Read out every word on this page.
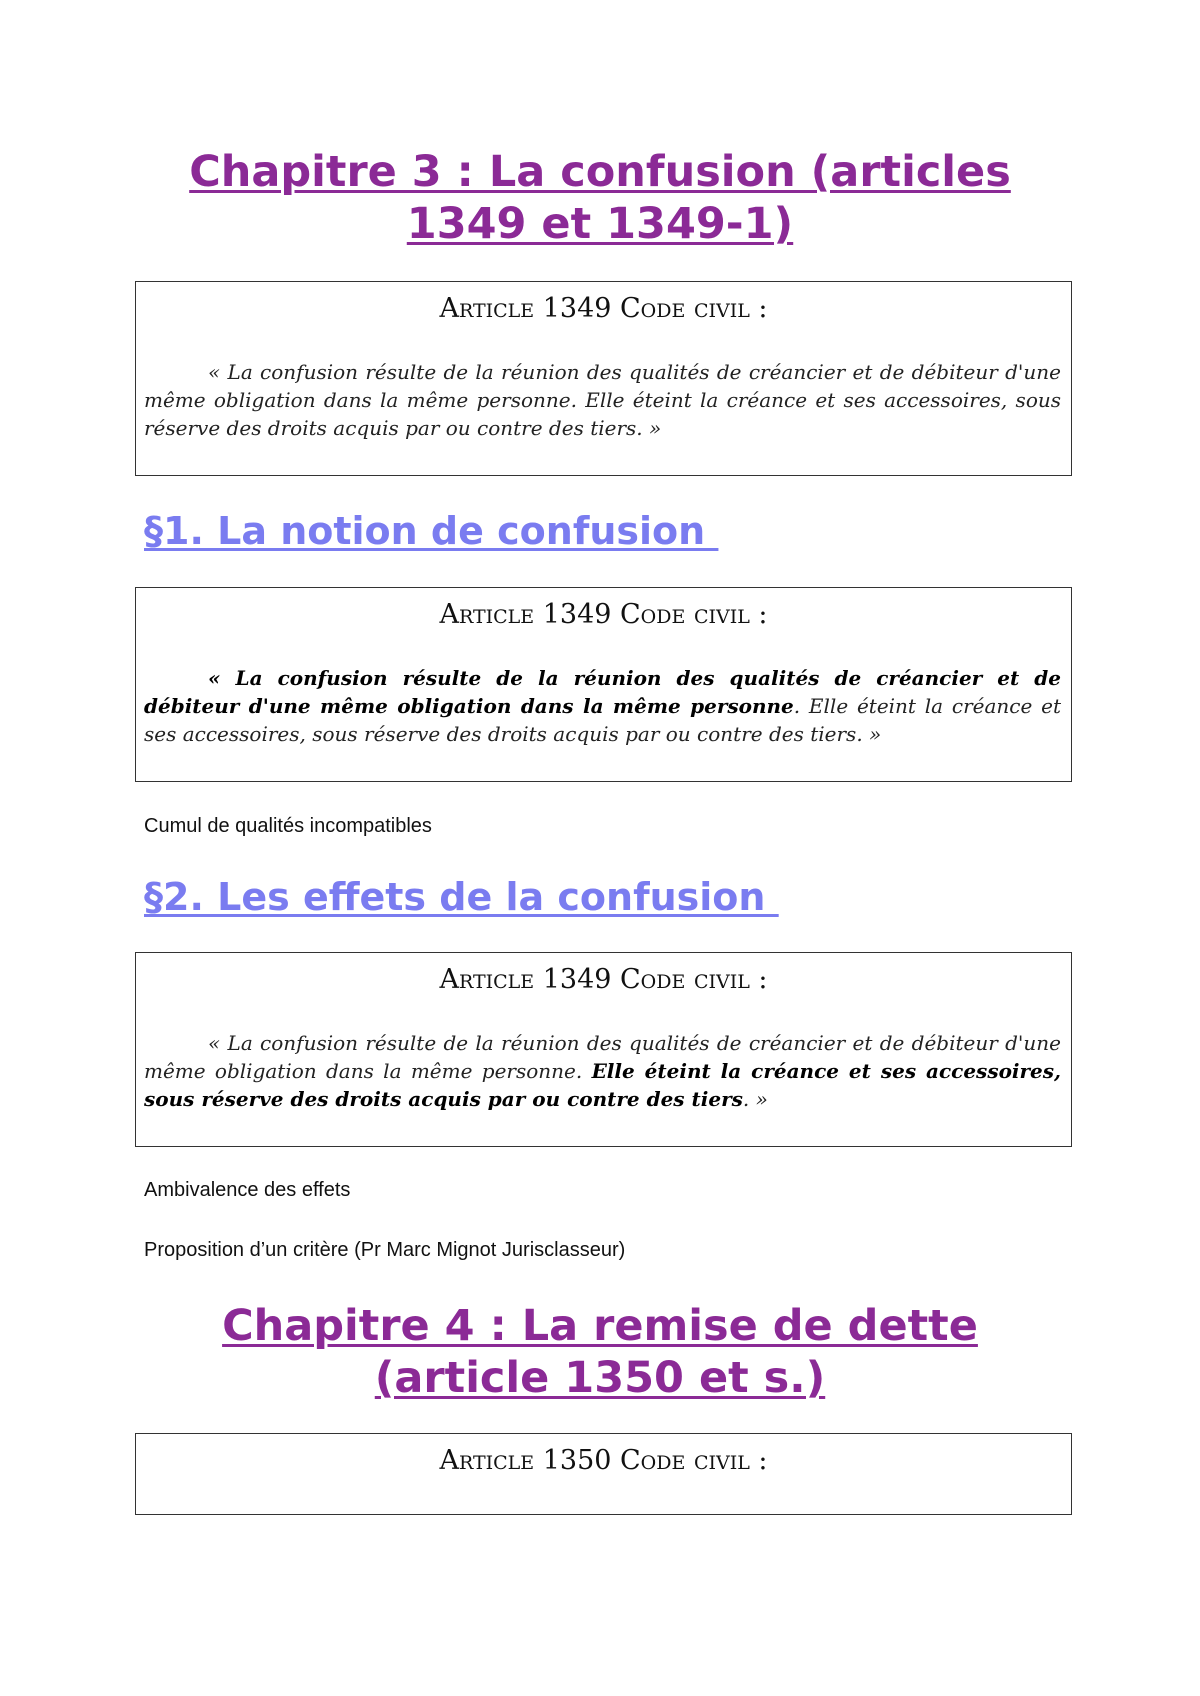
Chapitre 3 : La confusion (articles
1349 et 1349-1)

Article 1349 Code civil :

« La confusion résulte de la réunion des qualités de créancier et de débiteur d'une même obligation dans la même personne. Elle éteint la créance et ses accessoires, sous réserve des droits acquis par ou contre des tiers. »

§1. La notion de confusion

Article 1349 Code civil :

« La confusion résulte de la réunion des qualités de créancier et de débiteur d'une même obligation dans la même personne. Elle éteint la créance et ses accessoires, sous réserve des droits acquis par ou contre des tiers. »

Cumul de qualités incompatibles

§2. Les effets de la confusion

Article 1349 Code civil :

« La confusion résulte de la réunion des qualités de créancier et de débiteur d'une même obligation dans la même personne. Elle éteint la créance et ses accessoires, sous réserve des droits acquis par ou contre des tiers. »

Ambivalence des effets

Proposition d’un critère (Pr Marc Mignot Jurisclasseur)

Chapitre 4 : La remise de dette
(article 1350 et s.)

Article 1350 Code civil :
